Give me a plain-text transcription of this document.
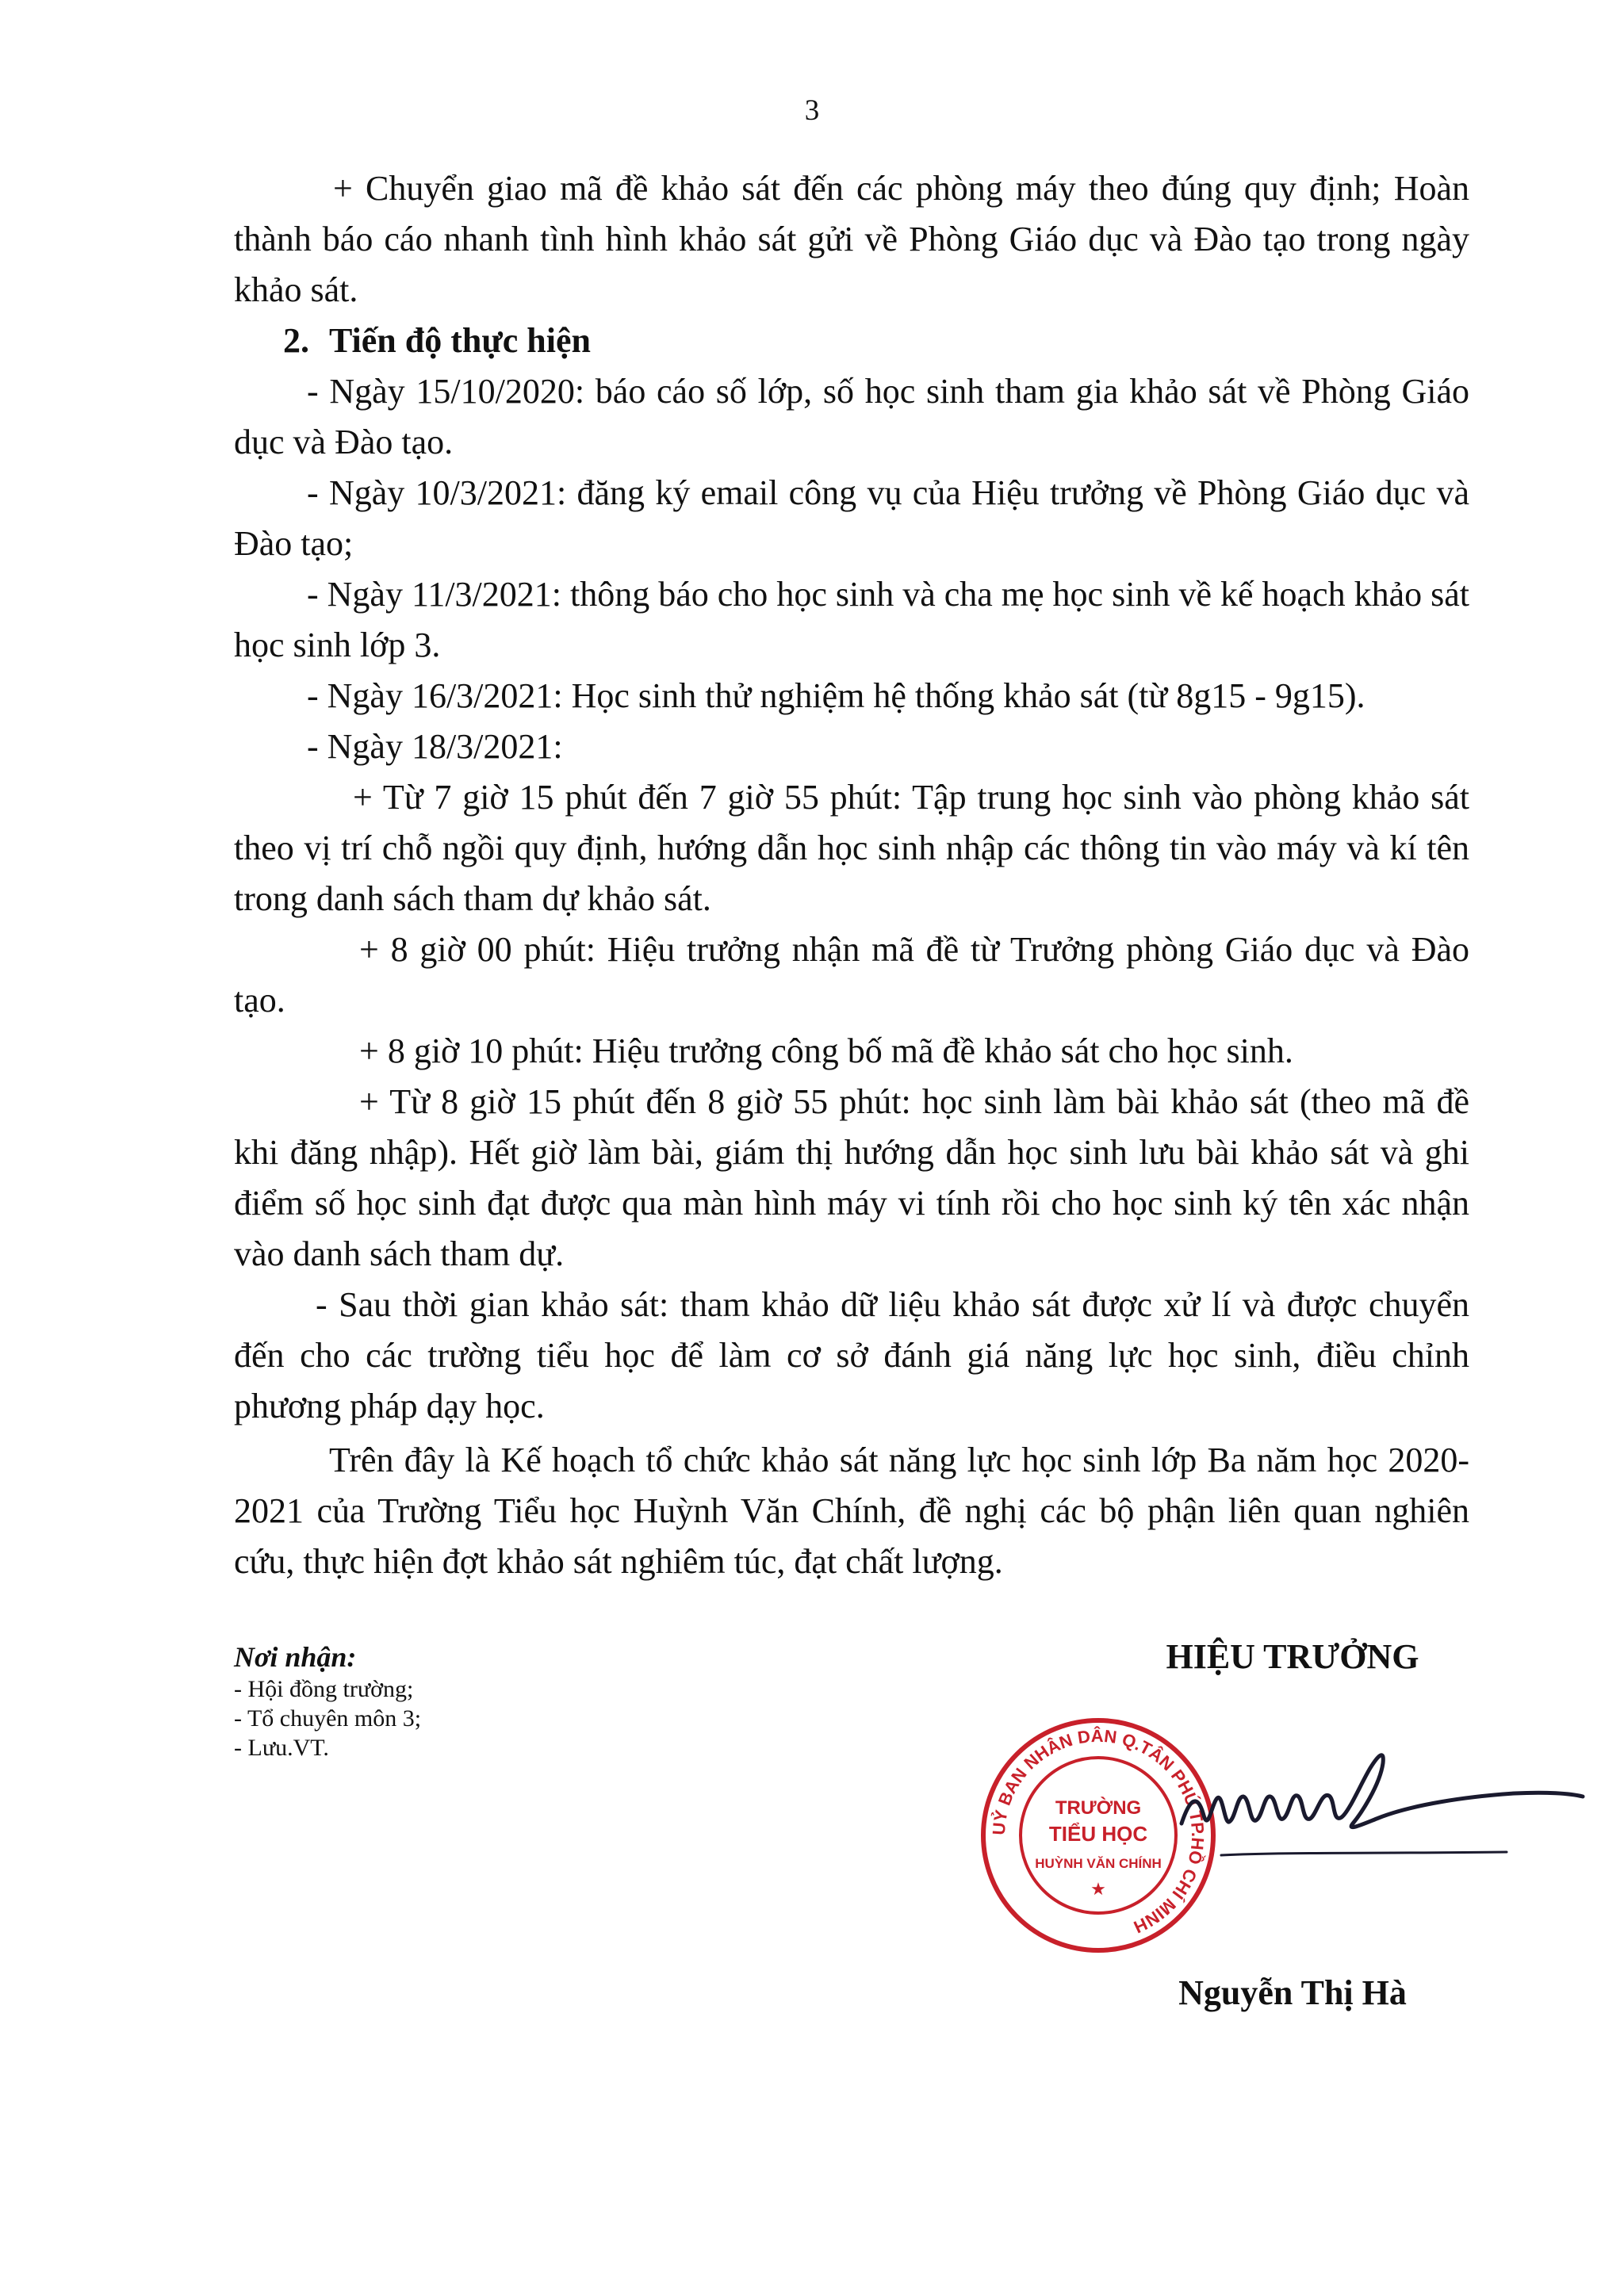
3

+ Chuyển giao mã đề khảo sát đến các phòng máy theo đúng quy định; Hoàn thành báo cáo nhanh tình hình khảo sát gửi về Phòng Giáo dục và Đào tạo trong ngày khảo sát.

2. Tiến độ thực hiện

- Ngày 15/10/2020: báo cáo số lớp, số học sinh tham gia khảo sát về Phòng Giáo dục và Đào tạo.

- Ngày 10/3/2021: đăng ký email công vụ của Hiệu trưởng về Phòng Giáo dục và Đào tạo;

- Ngày 11/3/2021: thông báo cho học sinh và cha mẹ học sinh về kế hoạch khảo sát học sinh lớp 3.

- Ngày 16/3/2021: Học sinh thử nghiệm hệ thống khảo sát (từ 8g15 - 9g15).

- Ngày 18/3/2021:

+ Từ 7 giờ 15 phút đến 7 giờ 55 phút: Tập trung học sinh vào phòng khảo sát theo vị trí chỗ ngồi quy định, hướng dẫn học sinh nhập các thông tin vào máy và kí tên trong danh sách tham dự khảo sát.

+ 8 giờ 00 phút: Hiệu trưởng nhận mã đề từ Trưởng phòng Giáo dục và Đào tạo.

+ 8 giờ 10 phút: Hiệu trưởng công bố mã đề khảo sát cho học sinh.

+ Từ 8 giờ 15 phút đến 8 giờ 55 phút: học sinh làm bài khảo sát (theo mã đề khi đăng nhập). Hết giờ làm bài, giám thị hướng dẫn học sinh lưu bài khảo sát và ghi điểm số học sinh đạt được qua màn hình máy vi tính rồi cho học sinh ký tên xác nhận vào danh sách tham dự.

- Sau thời gian khảo sát: tham khảo dữ liệu khảo sát được xử lí và được chuyển đến cho các trường tiểu học để làm cơ sở đánh giá năng lực học sinh, điều chỉnh phương pháp dạy học.

Trên đây là Kế hoạch tổ chức khảo sát năng lực học sinh lớp Ba năm học 2020-2021 của Trường Tiểu học Huỳnh Văn Chính, đề nghị các bộ phận liên quan nghiên cứu, thực hiện đợt khảo sát nghiêm túc, đạt chất lượng.

Nơi nhận:
- Hội đồng trường;
- Tổ chuyên môn 3;
- Lưu.VT.
HIỆU TRƯỞNG
UỶ BAN NHÂN DÂN Q.TÂN PHÚ TP.HỒ CHÍ MINH
TRƯỜNG
TIỂU HỌC
HUỲNH VĂN CHÍNH
★
Nguyễn Thị Hà
